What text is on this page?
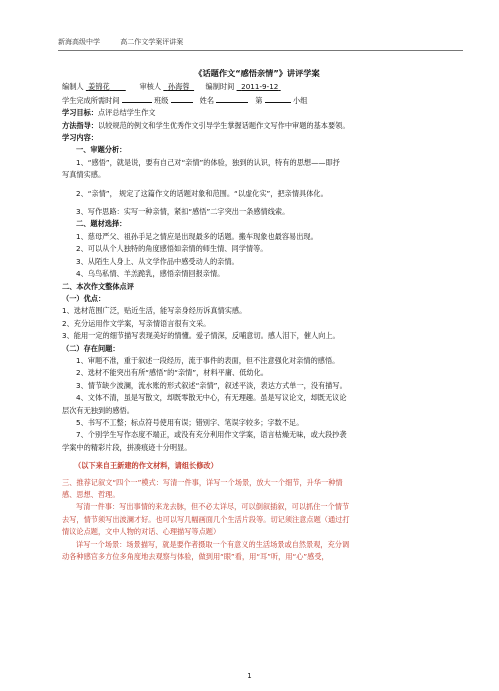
新海高级中学	高二作文学案评讲案
《话题作文“感悟亲情”》讲评学案
编制人 姜锦花	审核人 孙海蓉 编制时间 2011-9-12
学生完成所需时间	班级	姓名	第	小组
学习目标：点评总结学生作文
方法指导：以较规范的例文和学生优秀作文引导学生掌握话题作文写作中审题的基本要领。
学习内容：
一、审题分析：
1、“感悟”，就是说，要有自己对“亲情”的体验，独到的认识，特有的思想——即抒
写真情实感。
2、“亲情”， 规定了这篇作文的话题对象和范围。“以虚化实”，把亲情具体化。
3、写作思路：实写一种亲情，紧扣“感悟”二字突出一条感情线索。
二、题材选择：
1、慈母严父、祖孙手足之情应是出现最多的话题。搬车现象也最容易出现。
2、可以从个人独特的角度感悟如亲情的师生情、同学情等。
3、从陌生人身上、从文学作品中感受动人的亲情。
4、乌鸟私情、羊羔跪乳，感悟亲情回报亲情。
二、本次作文整体点评
（一）优点：
1、选材范围广泛，贴近生活，能写亲身经历诉真情实感。
2、充分运用作文学案，写亲情语言很有文采。
3、能用一定的细节描写表现美好的情懂。爱子情深，反哺意切。感人泪下，催人向上。
（二）存在问题：
1、审题不准，重于叙述一段经历，流于事件的表面，但不注意强化对亲情的感悟。
2、选材不能突出有所“感悟”的“亲情”，材料平庸、低幼化。
3、情节缺少波澜，流水账的形式叙述“亲情”，叙述平淡，表达方式单一，没有描写。
4、文体不清，虽是写散文，却既零散无中心，有无理趣。虽是写议论文，却既无议论
层次有无独到的感悟。
5、书写不工整；标点符号使用有误；错别字、笔误字较多；字数不足。
7、个别学生写作态度不端正，或没有充分利用作文学案，语言枯燥无味，或大段抄袭
学案中的精彩片段，拼凑痕迹十分明显。
（以下来自王新建的作文材料，请组长修改）
三、推荐记叙文“四个一”模式：写清一件事，详写一个场景，放大一个细节，升华一种情
感、思想、哲理。
写清一件事：写出事情的来龙去脉，但不必太详尽，可以倒叙插叙，可以抓住一个情节
去写，情节须写出波澜才好。也可以写几幅画面几个生活片段等。切记须注意点题（通过打
情议论点题，文中人物的对话、心理描写等点题）
详写一个场景：场景描写，就是要作者摄取一个有意义的生活场景或自然景观，充分调
动各种感官多方位多角度地去观察与体验，做到用“眼”看，用“耳”听，用“心”感受，
1
